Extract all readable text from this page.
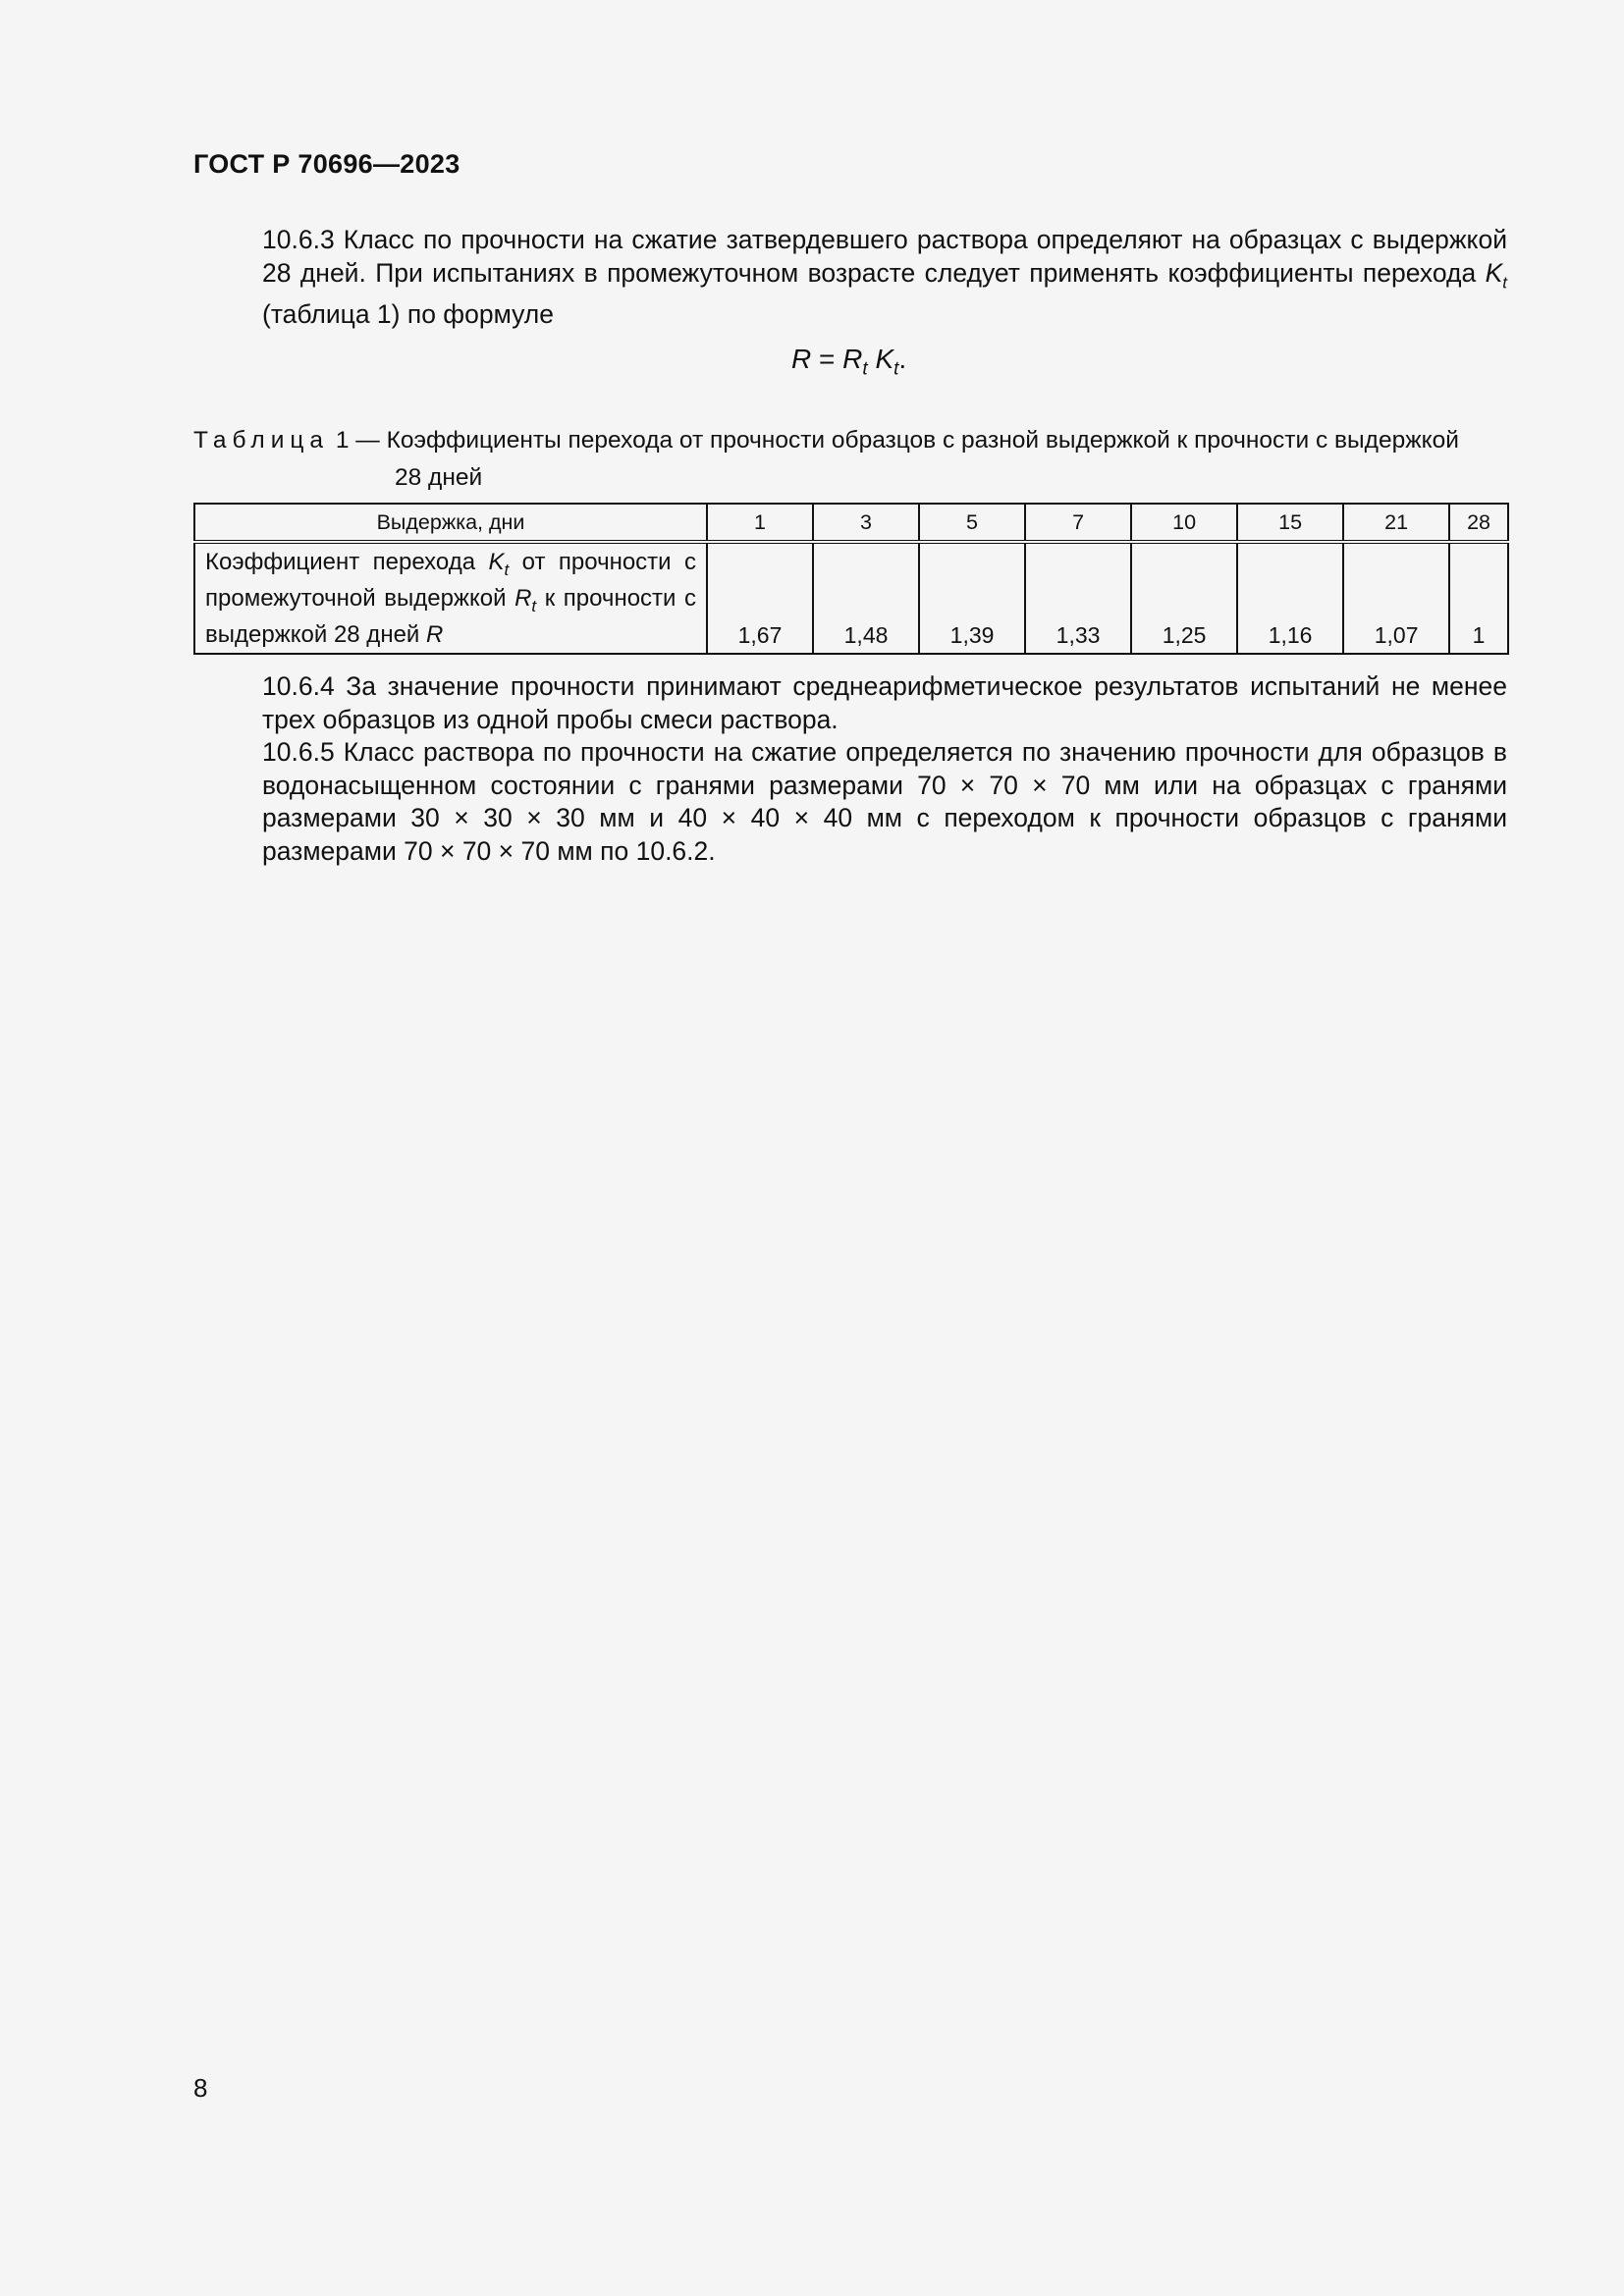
ГОСТ Р 70696—2023
10.6.3 Класс по прочности на сжатие затвердевшего раствора определяют на образцах с выдержкой 28 дней. При испытаниях в промежуточном возрасте следует применять коэффициенты перехода $K_t$ (таблица 1) по формуле
$R = R_t$ $K_t$.
Таблица 1 — Коэффициенты перехода от прочности образцов с разной выдержкой к прочности с выдержкой
28 дней
Выдержка, дни	1	3	5	7	10	15	21	28
Коэффициент перехода $K_t$ от прочности с промежуточной выдержкой $R_t$ к прочности с выдержкой 28 дней R	1,67	1,48	1,39	1,33	1,25	1,16	1,07	1
10.6.4 За значение прочности принимают среднеарифметическое результатов испытаний не менее трех образцов из одной пробы смеси раствора.
10.6.5 Класс раствора по прочности на сжатие определяется по значению прочности для образцов в водонасыщенном состоянии с гранями размерами 70 × 70 × 70 мм или на образцах с гранями размерами 30 × 30 × 30 мм и 40 × 40 × 40 мм с переходом к прочности образцов с гранями размерами 70 × 70 × 70 мм по 10.6.2.
8
